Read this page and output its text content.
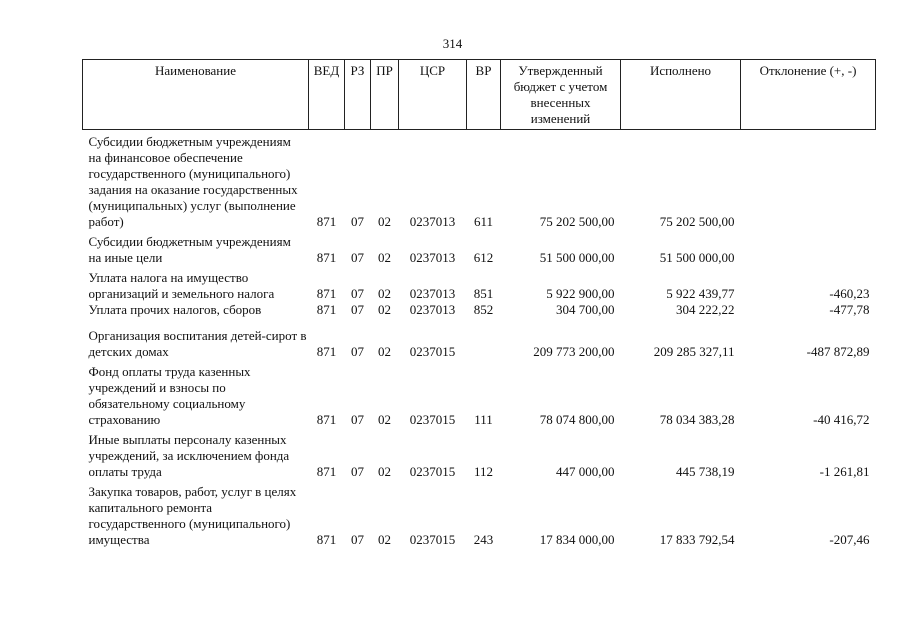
314
Наименование	ВЕД	РЗ	ПР	ЦСР	ВР	Утвержденный бюджет с учетом внесенных изменений	Исполнено	Отклонение (+, -)

Субсидии бюджетным учреждениям на финансовое обеспечение государственного (муниципального) задания на оказание государственных (муниципальных) услуг (выполнение работ)	871	07	02	0237013	611	75 202 500,00	75 202 500,00	

Субсидии бюджетным учреждениям на иные цели	871	07	02	0237013	612	51 500 000,00	51 500 000,00	

Уплата налога на имущество организаций и земельного налога	871	07	02	0237013	851	5 922 900,00	5 922 439,77	-460,23
Уплата прочих налогов, сборов	871	07	02	0237013	852	304 700,00	304 222,22	-477,78

Организация воспитания детей-сирот в детских домах	871	07	02	0237015		209 773 200,00	209 285 327,11	-487 872,89

Фонд оплаты труда казенных учреждений и взносы по обязательному социальному страхованию	871	07	02	0237015	111	78 074 800,00	78 034 383,28	-40 416,72

Иные выплаты персоналу казенных учреждений, за исключением фонда оплаты труда	871	07	02	0237015	112	447 000,00	445 738,19	-1 261,81

Закупка товаров, работ, услуг в целях капитального ремонта государственного (муниципального) имущества	871	07	02	0237015	243	17 834 000,00	17 833 792,54	-207,46
